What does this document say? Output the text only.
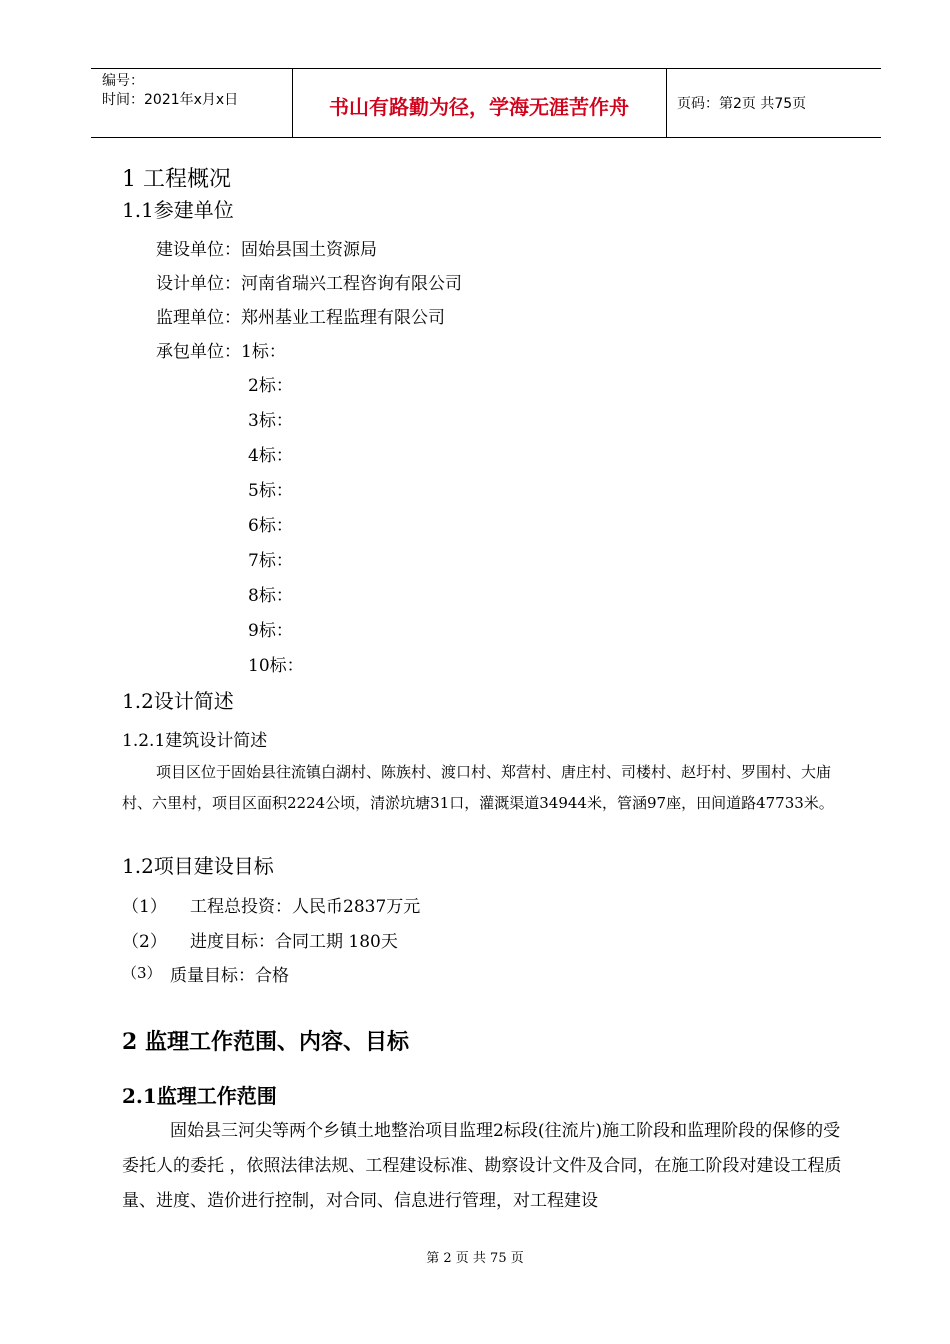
编号：
时间：2021年x月x日	书山有路勤为径，学海无涯苦作舟	页码：第2页 共75页
1 工程概况
1.1参建单位
建设单位：固始县国土资源局
设计单位：河南省瑞兴工程咨询有限公司
监理单位：郑州基业工程监理有限公司
承包单位：1标：
2标：
3标：
4标：
5标：
6标：
7标：
8标：
9标：
10标：
1.2设计简述
1.2.1建筑设计简述
项目区位于固始县往流镇白湖村、陈族村、渡口村、郑营村、唐庄村、司楼村、赵圩村、罗围村、大庙村、六里村，项目区面积2224公顷，清淤坑塘31口，灌溉渠道34944米，管涵97座，田间道路47733米。
1.2项目建设目标
（1） 工程总投资：人民币2837万元
（2） 进度目标：合同工期 180天
（3） 质量目标：合格
2 监理工作范围、内容、目标
2.1监理工作范围
固始县三河尖等两个乡镇土地整治项目监理2标段(往流片)施工阶段和监理阶段的保修的受委托人的委托 ，依照法律法规、工程建设标准、勘察设计文件及合同，在施工阶段对建设工程质量、进度、造价进行控制，对合同、信息进行管理，对工程建设
第 2 页 共 75 页
